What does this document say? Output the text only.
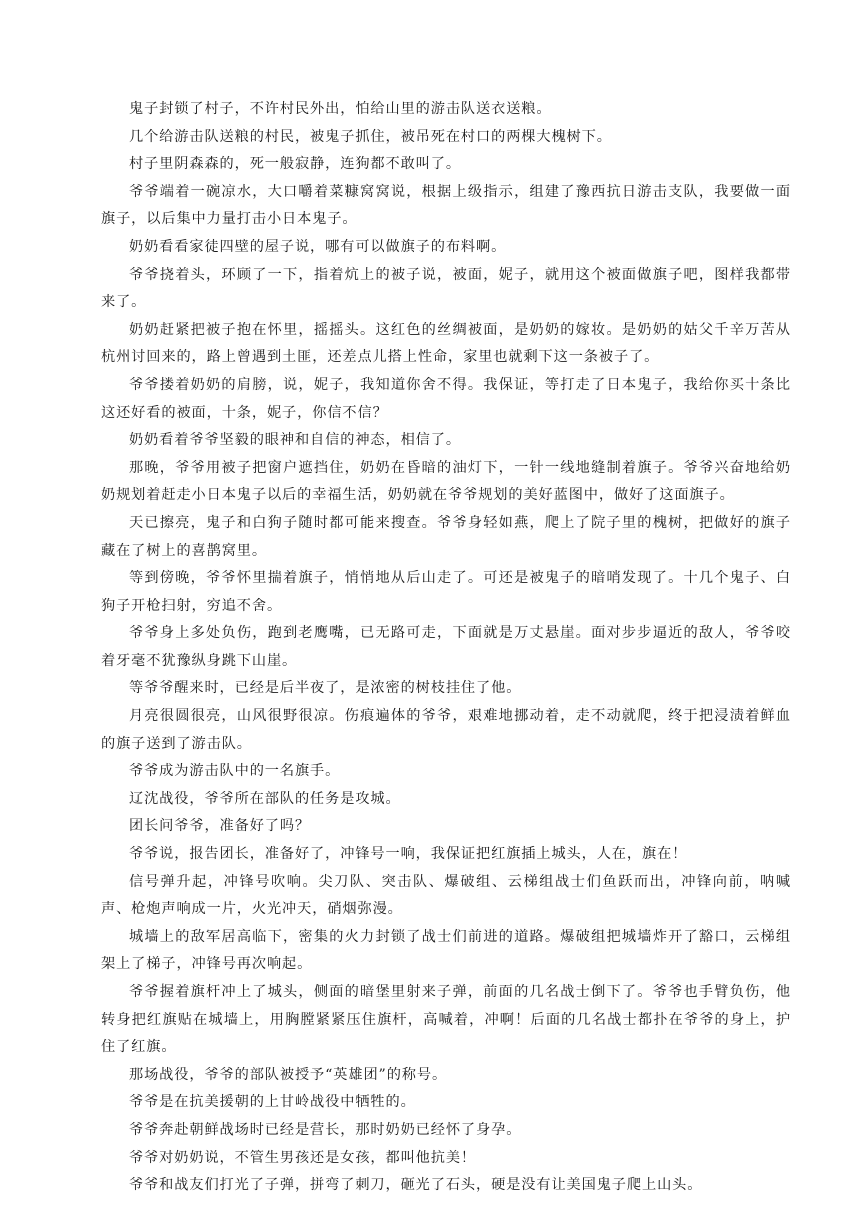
鬼子封锁了村子，不许村民外出，怕给山里的游击队送衣送粮。

几个给游击队送粮的村民，被鬼子抓住，被吊死在村口的两棵大槐树下。

村子里阴森森的，死一般寂静，连狗都不敢叫了。

爷爷端着一碗凉水，大口嚼着菜糠窝窝说，根据上级指示，组建了豫西抗日游击支队，我要做一面旗子，以后集中力量打击小日本鬼子。

奶奶看看家徒四壁的屋子说，哪有可以做旗子的布料啊。

爷爷挠着头，环顾了一下，指着炕上的被子说，被面，妮子，就用这个被面做旗子吧，图样我都带来了。

奶奶赶紧把被子抱在怀里，摇摇头。这红色的丝绸被面，是奶奶的嫁妆。是奶奶的姑父千辛万苦从杭州讨回来的，路上曾遇到土匪，还差点儿搭上性命，家里也就剩下这一条被子了。

爷爷搂着奶奶的肩膀，说，妮子，我知道你舍不得。我保证，等打走了日本鬼子，我给你买十条比这还好看的被面，十条，妮子，你信不信？

奶奶看着爷爷坚毅的眼神和自信的神态，相信了。

那晚，爷爷用被子把窗户遮挡住，奶奶在昏暗的油灯下，一针一线地缝制着旗子。爷爷兴奋地给奶奶规划着赶走小日本鬼子以后的幸福生活，奶奶就在爷爷规划的美好蓝图中，做好了这面旗子。

天已擦亮，鬼子和白狗子随时都可能来搜查。爷爷身轻如燕，爬上了院子里的槐树，把做好的旗子藏在了树上的喜鹊窝里。

等到傍晚，爷爷怀里揣着旗子，悄悄地从后山走了。可还是被鬼子的暗哨发现了。十几个鬼子、白狗子开枪扫射，穷追不舍。

爷爷身上多处负伤，跑到老鹰嘴，已无路可走，下面就是万丈悬崖。面对步步逼近的敌人，爷爷咬着牙毫不犹豫纵身跳下山崖。

等爷爷醒来时，已经是后半夜了，是浓密的树枝挂住了他。

月亮很圆很亮，山风很野很凉。伤痕遍体的爷爷，艰难地挪动着，走不动就爬，终于把浸渍着鲜血的旗子送到了游击队。

爷爷成为游击队中的一名旗手。

辽沈战役，爷爷所在部队的任务是攻城。

团长问爷爷，准备好了吗？

爷爷说，报告团长，准备好了，冲锋号一响，我保证把红旗插上城头，人在，旗在！

信号弹升起，冲锋号吹响。尖刀队、突击队、爆破组、云梯组战士们鱼跃而出，冲锋向前，呐喊声、枪炮声响成一片，火光冲天，硝烟弥漫。

城墙上的敌军居高临下，密集的火力封锁了战士们前进的道路。爆破组把城墙炸开了豁口，云梯组架上了梯子，冲锋号再次响起。

爷爷握着旗杆冲上了城头，侧面的暗堡里射来子弹，前面的几名战士倒下了。爷爷也手臂负伤，他转身把红旗贴在城墙上，用胸膛紧紧压住旗杆，高喊着，冲啊！后面的几名战士都扑在爷爷的身上，护住了红旗。

那场战役，爷爷的部队被授予“英雄团”的称号。

爷爷是在抗美援朝的上甘岭战役中牺牲的。

爷爷奔赴朝鲜战场时已经是营长，那时奶奶已经怀了身孕。

爷爷对奶奶说，不管生男孩还是女孩，都叫他抗美！

爷爷和战友们打光了子弹，拼弯了刺刀，砸光了石头，硬是没有让美国鬼子爬上山头。
